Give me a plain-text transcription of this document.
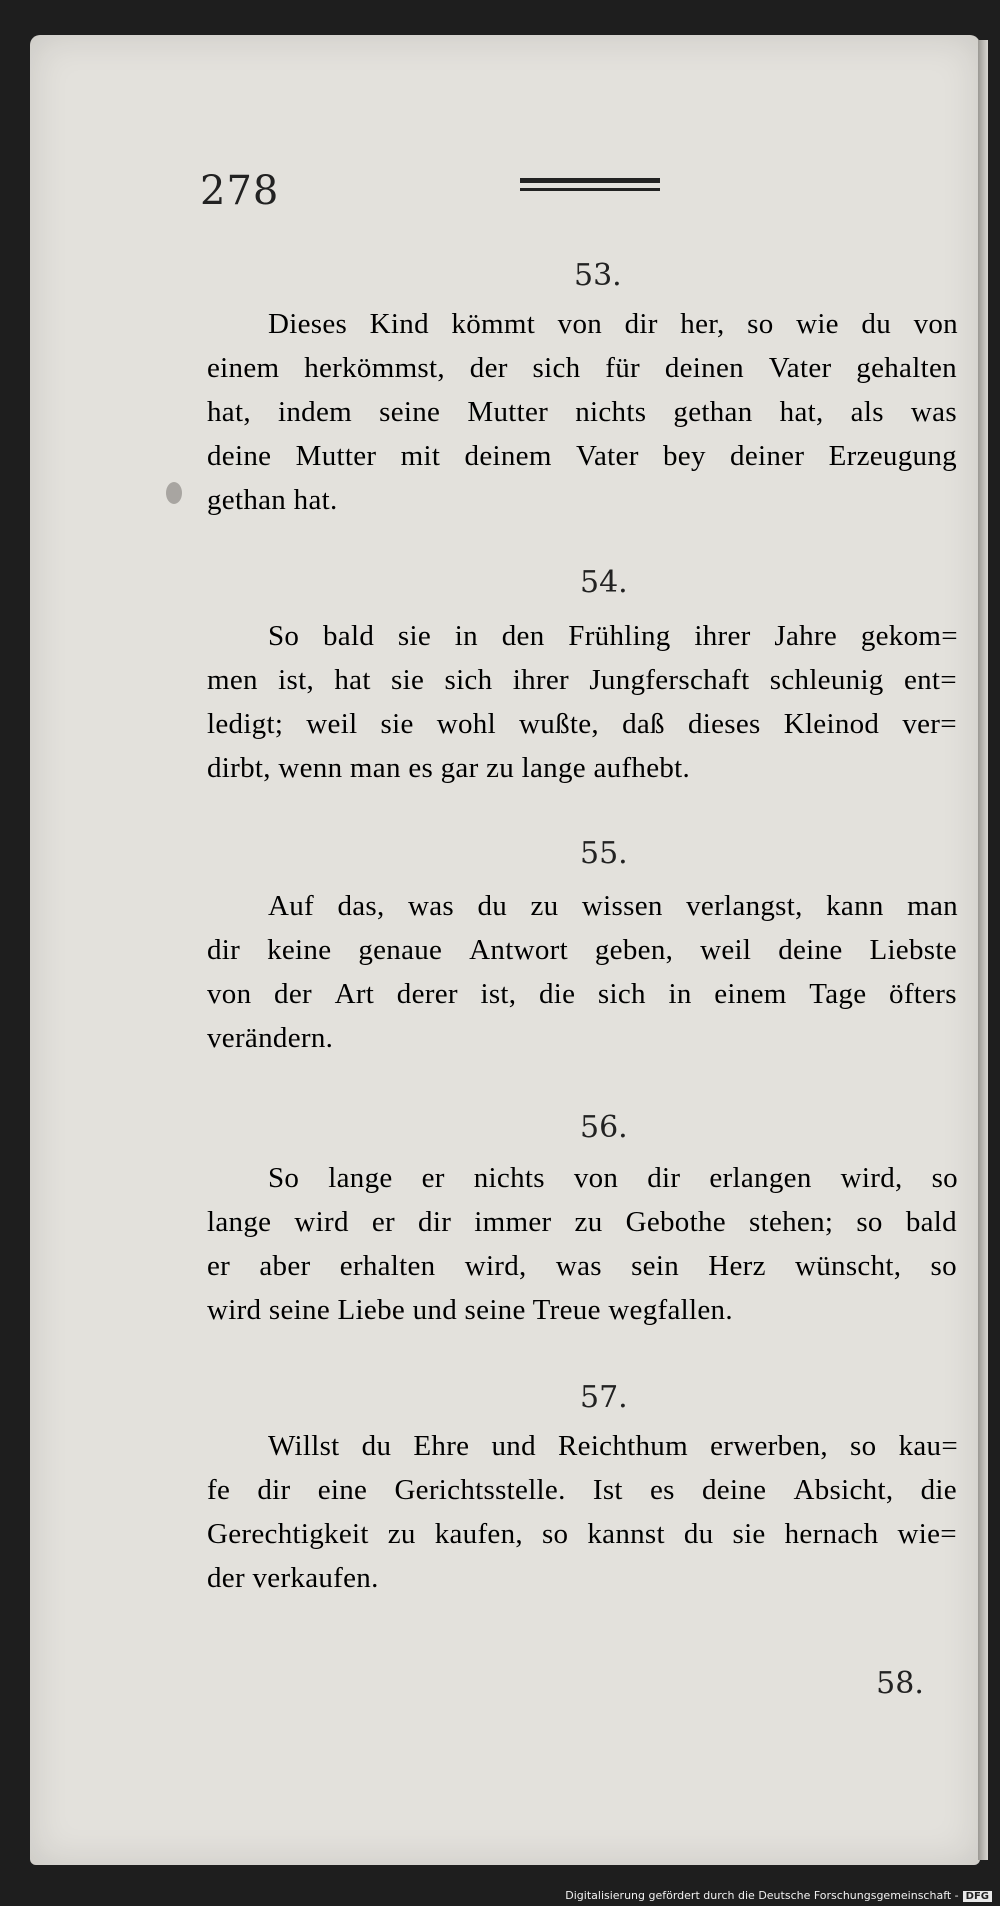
278
53.
Dieses Kind kömmt von dir her, so wie du von
einem herkömmst, der sich für deinen Vater gehalten
hat, indem seine Mutter nichts gethan hat, als was
deine Mutter mit deinem Vater bey deiner Erzeugung
gethan hat.
54.
So bald sie in den Frühling ihrer Jahre gekom=
men ist, hat sie sich ihrer Jungferschaft schleunig ent=
ledigt; weil sie wohl wußte, daß dieses Kleinod ver=
dirbt, wenn man es gar zu lange aufhebt.
55.
Auf das, was du zu wissen verlangst, kann man
dir keine genaue Antwort geben, weil deine Liebste
von der Art derer ist, die sich in einem Tage öfters
verändern.
56.
So lange er nichts von dir erlangen wird, so
lange wird er dir immer zu Gebothe stehen; so bald
er aber erhalten wird, was sein Herz wünscht, so
wird seine Liebe und seine Treue wegfallen.
57.
Willst du Ehre und Reichthum erwerben, so kau=
fe dir eine Gerichtsstelle. Ist es deine Absicht, die
Gerechtigkeit zu kaufen, so kannst du sie hernach wie=
der verkaufen.
58.
Digitalisierung gefördert durch die Deutsche Forschungsgemeinschaft - DFG
